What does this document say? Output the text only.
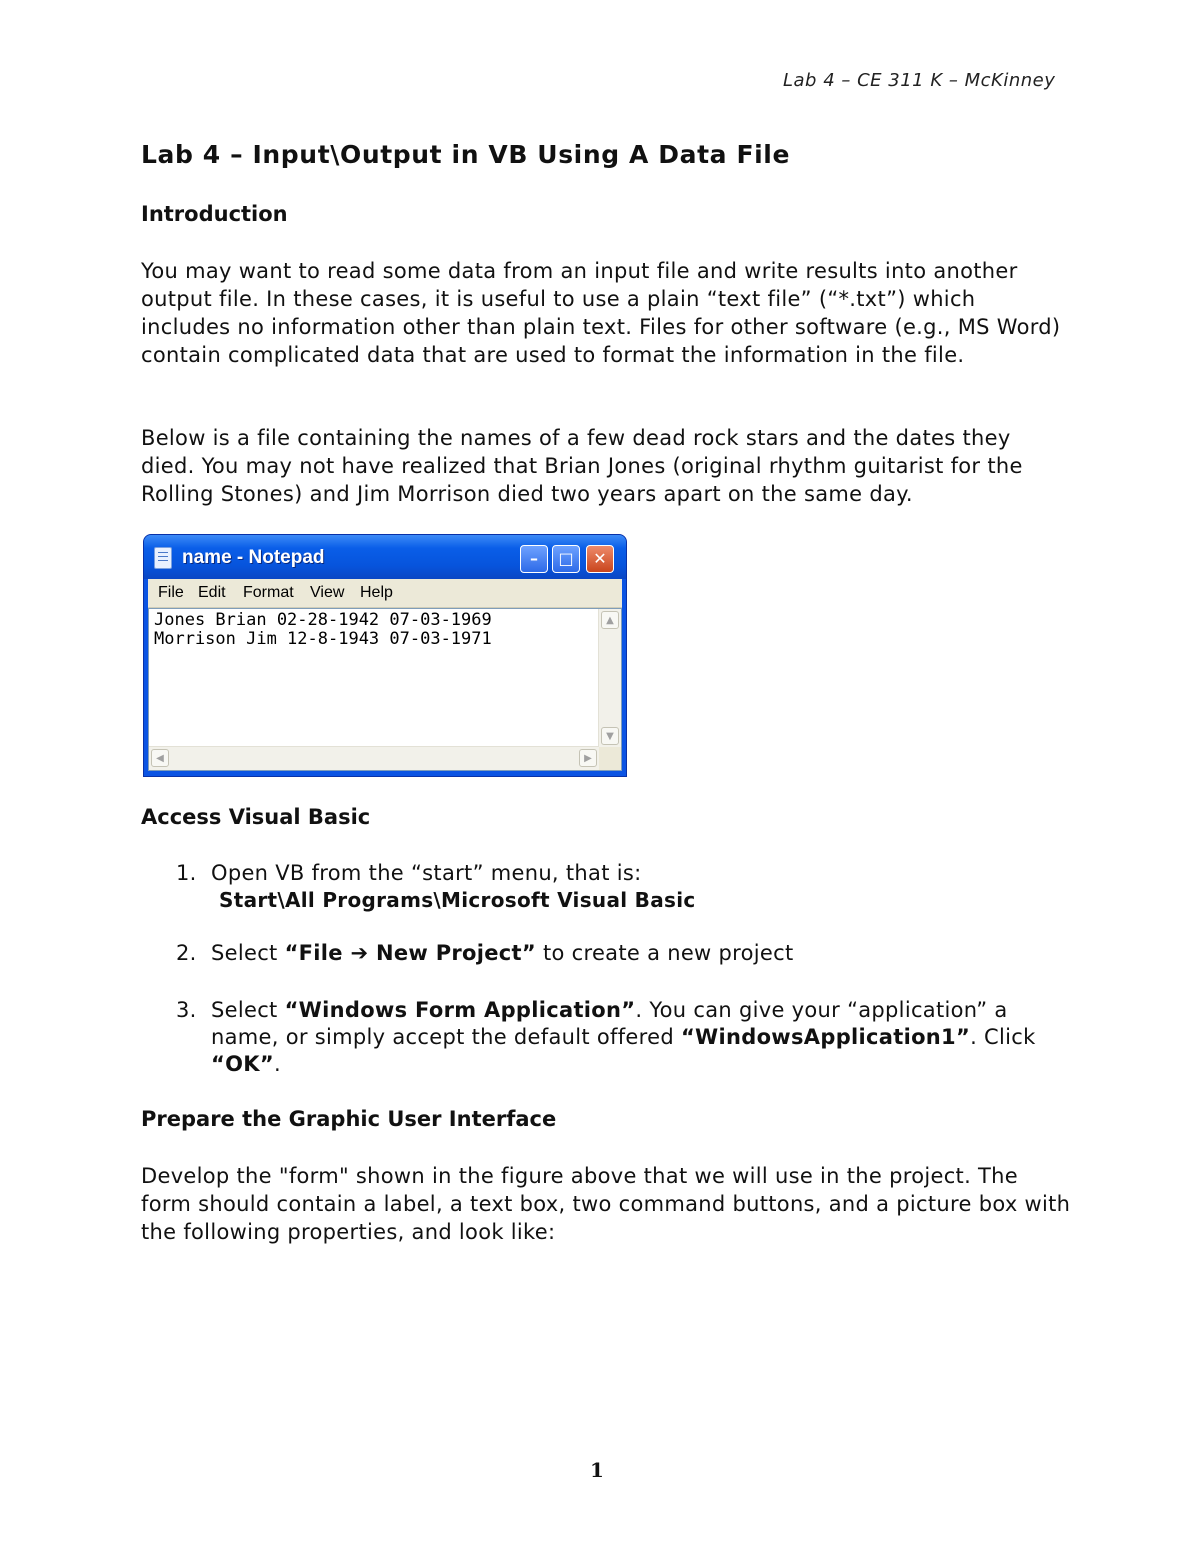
Lab 4 – CE 311 K – McKinney
Lab 4 – Input\Output in VB Using A Data File
Introduction

You may want to read some data from an input file and write results into another output file. In these cases, it is useful to use a plain “text file” (“*.txt”) which includes no information other than plain text. Files for other software (e.g., MS Word) contain complicated data that are used to format the information in the file.

Below is a file containing the names of a few dead rock stars and the dates they died. You may not have realized that Brian Jones (original rhythm guitarist for the Rolling Stones) and Jim Morrison died two years apart on the same day.

name - Notepad	–	□	✕
File Edit Format View Help
Jones Brian 02-28-1942 07-03-1969
Morrison Jim 12-8-1943 07-03-1971
▲
▼
◀	▶
Access Visual Basic
1. Open VB from the “start” menu, that is:
Start\All Programs\Microsoft Visual Basic
2. Select “File ➔ New Project” to create a new project
3. Select “Windows Form Application”. You can give your “application” a name, or simply accept the default offered “WindowsApplication1”. Click “OK”.
Prepare the Graphic User Interface

Develop the "form" shown in the figure above that we will use in the project. The form should contain a label, a text box, two command buttons, and a picture box with the following properties, and look like:

1
